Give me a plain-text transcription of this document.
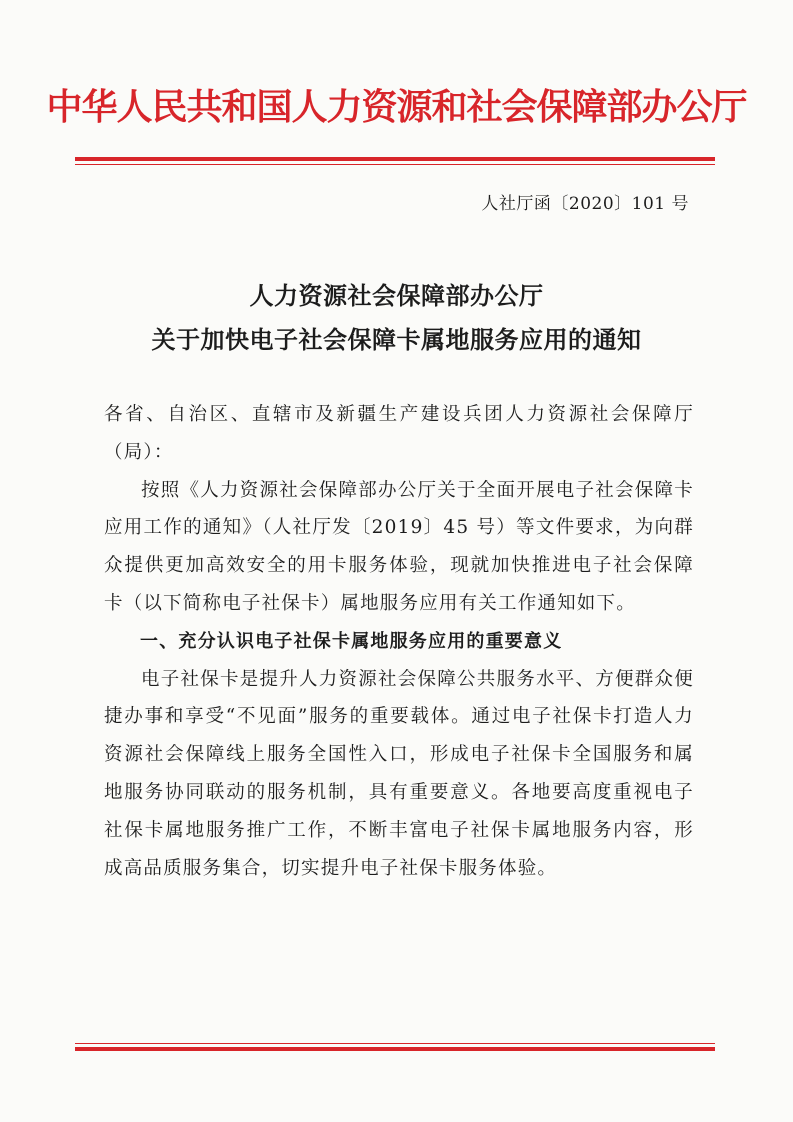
中华人民共和国人力资源和社会保障部办公厅
人社厅函〔2020〕101 号
人力资源社会保障部办公厅
关于加快电子社会保障卡属地服务应用的通知

各省、自治区、直辖市及新疆生产建设兵团人力资源社会保障厅（局）：

按照《人力资源社会保障部办公厅关于全面开展电子社会保障卡应用工作的通知》（人社厅发〔2019〕45 号）等文件要求，为向群众提供更加高效安全的用卡服务体验，现就加快推进电子社会保障卡（以下简称电子社保卡）属地服务应用有关工作通知如下。

一、充分认识电子社保卡属地服务应用的重要意义

电子社保卡是提升人力资源社会保障公共服务水平、方便群众便捷办事和享受“不见面”服务的重要载体。通过电子社保卡打造人力资源社会保障线上服务全国性入口，形成电子社保卡全国服务和属地服务协同联动的服务机制，具有重要意义。各地要高度重视电子社保卡属地服务推广工作，不断丰富电子社保卡属地服务内容，形成高品质服务集合，切实提升电子社保卡服务体验。
